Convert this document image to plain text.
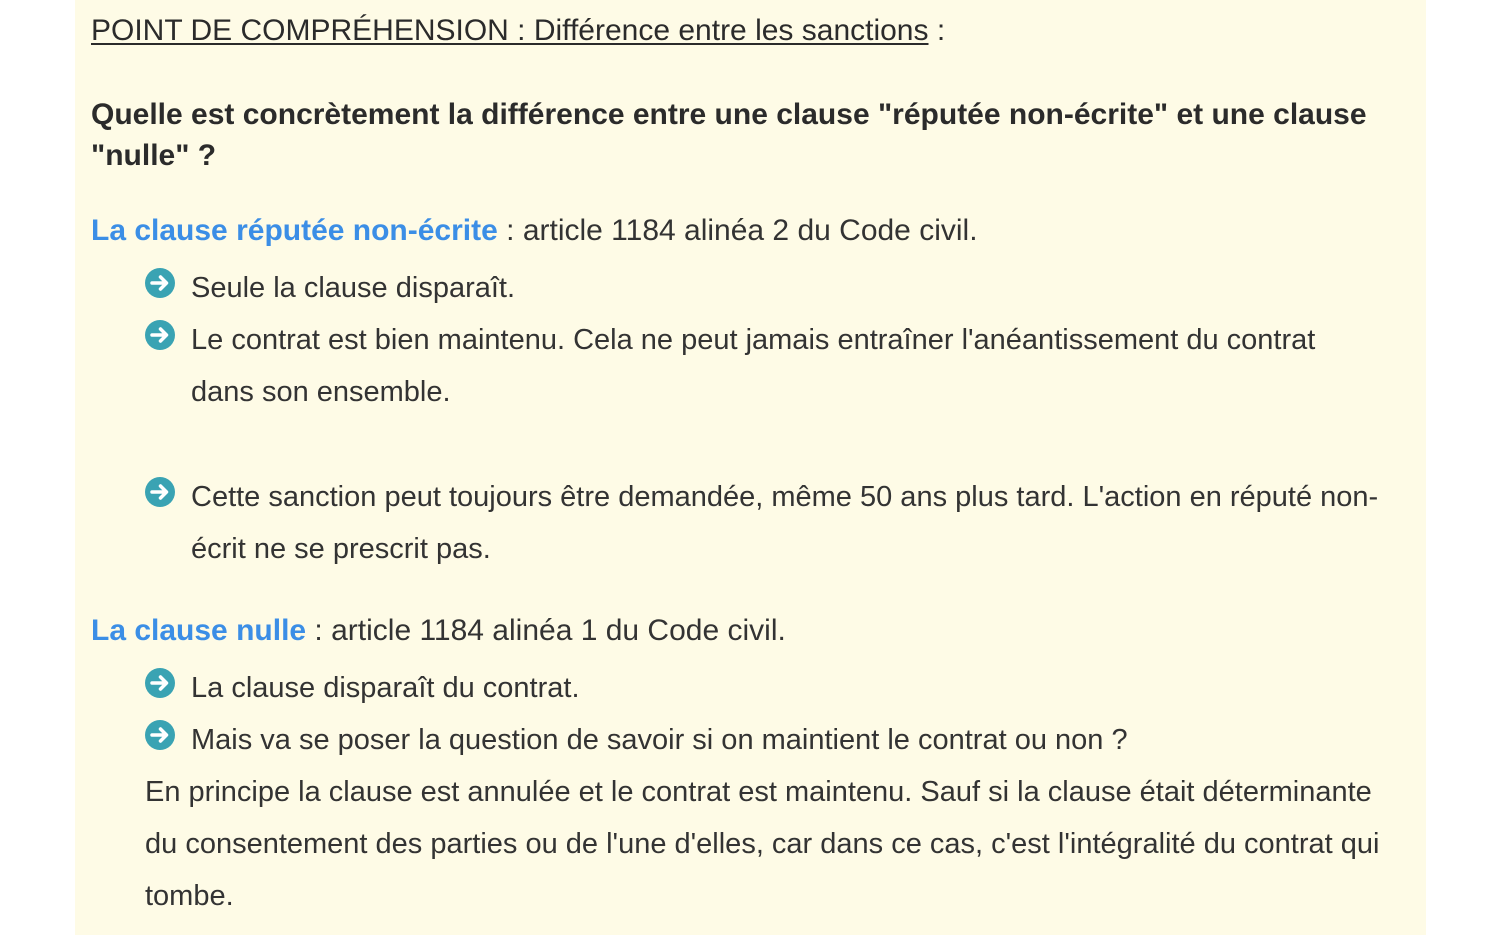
POINT DE COMPRÉHENSION : Différence entre les sanctions :
Quelle est concrètement la différence entre une clause "réputée non-écrite" et une clause "nulle" ?
La clause réputée non-écrite : article 1184 alinéa 2 du Code civil.
Seule la clause disparaît.
Le contrat est bien maintenu. Cela ne peut jamais entraîner l'anéantissement du contrat dans son ensemble.
Cette sanction peut toujours être demandée, même 50 ans plus tard. L'action en réputé non-écrit ne se prescrit pas.
La clause nulle : article 1184 alinéa 1 du Code civil.
La clause disparaît du contrat.
Mais va se poser la question de savoir si on maintient le contrat ou non ?
En principe la clause est annulée et le contrat est maintenu. Sauf si la clause était déterminante du consentement des parties ou de l'une d'elles, car dans ce cas, c'est l'intégralité du contrat qui tombe.
